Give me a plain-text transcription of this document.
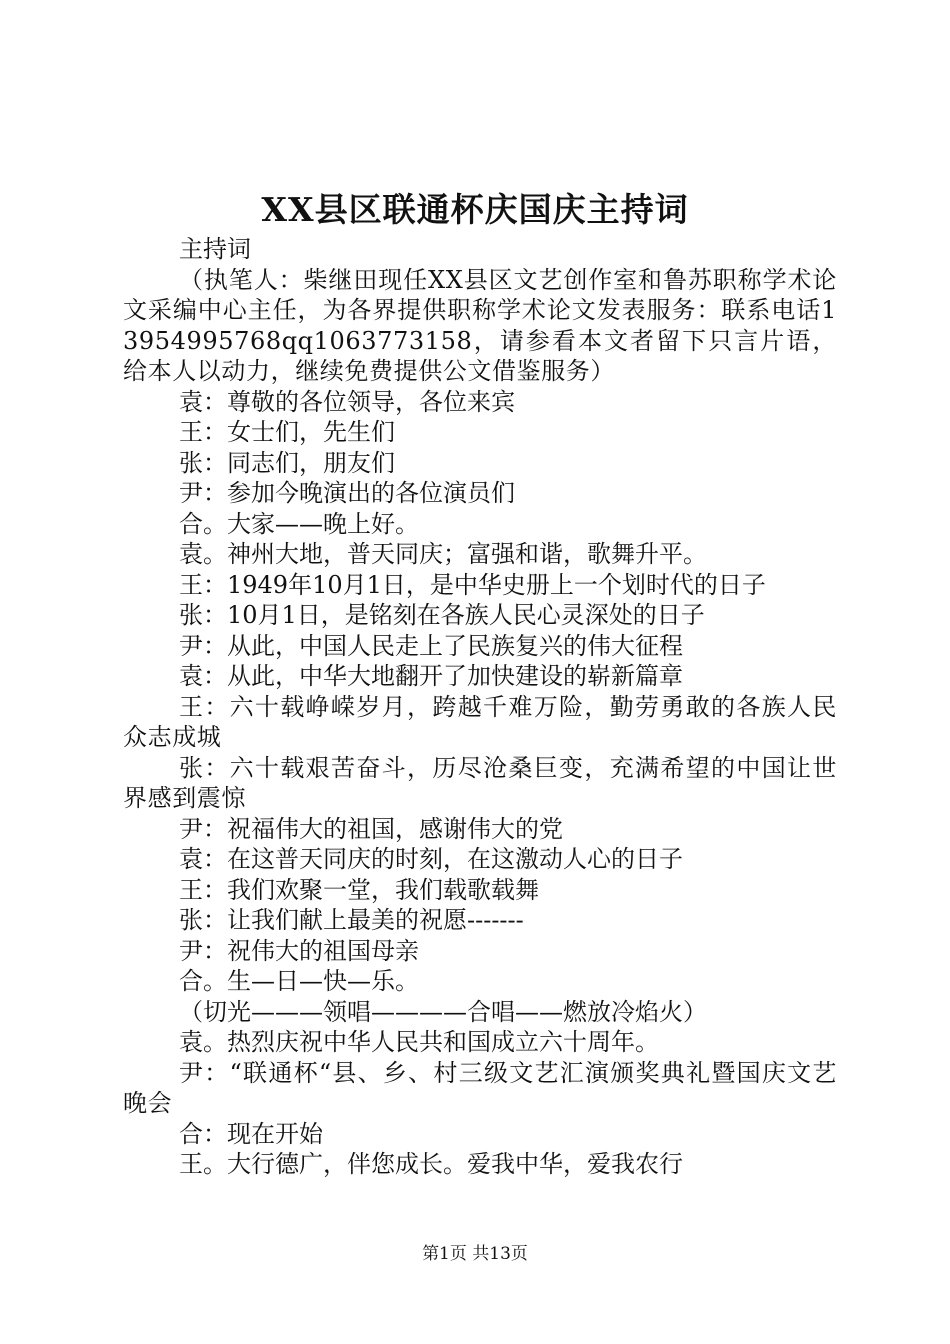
XX县区联通杯庆国庆主持词

主持词

（执笔人：柴继田现任XX县区文艺创作室和鲁苏职称学术论文采编中心主任，为各界提供职称学术论文发表服务：联系电话13954995768qq1063773158，请参看本文者留下只言片语，给本人以动力，继续免费提供公文借鉴服务）

袁：尊敬的各位领导，各位来宾

王：女士们，先生们

张：同志们，朋友们

尹：参加今晚演出的各位演员们

合。大家——晚上好。

袁。神州大地，普天同庆；富强和谐，歌舞升平。

王：1949年10月1日，是中华史册上一个划时代的日子

张：10月1日，是铭刻在各族人民心灵深处的日子

尹：从此，中国人民走上了民族复兴的伟大征程

袁：从此，中华大地翻开了加快建设的崭新篇章

王：六十载峥嵘岁月，跨越千难万险，勤劳勇敢的各族人民众志成城

张：六十载艰苦奋斗，历尽沧桑巨变，充满希望的中国让世界感到震惊

尹：祝福伟大的祖国，感谢伟大的党

袁：在这普天同庆的时刻，在这激动人心的日子

王：我们欢聚一堂，我们载歌载舞

张：让我们献上最美的祝愿-------

尹：祝伟大的祖国母亲

合。生—日—快—乐。

（切光———领唱————合唱——燃放冷焰火）

袁。热烈庆祝中华人民共和国成立六十周年。

尹：“联通杯“县、乡、村三级文艺汇演颁奖典礼暨国庆文艺晚会

合：现在开始

王。大行德广，伴您成长。爱我中华，爱我农行

第1页 共13页
